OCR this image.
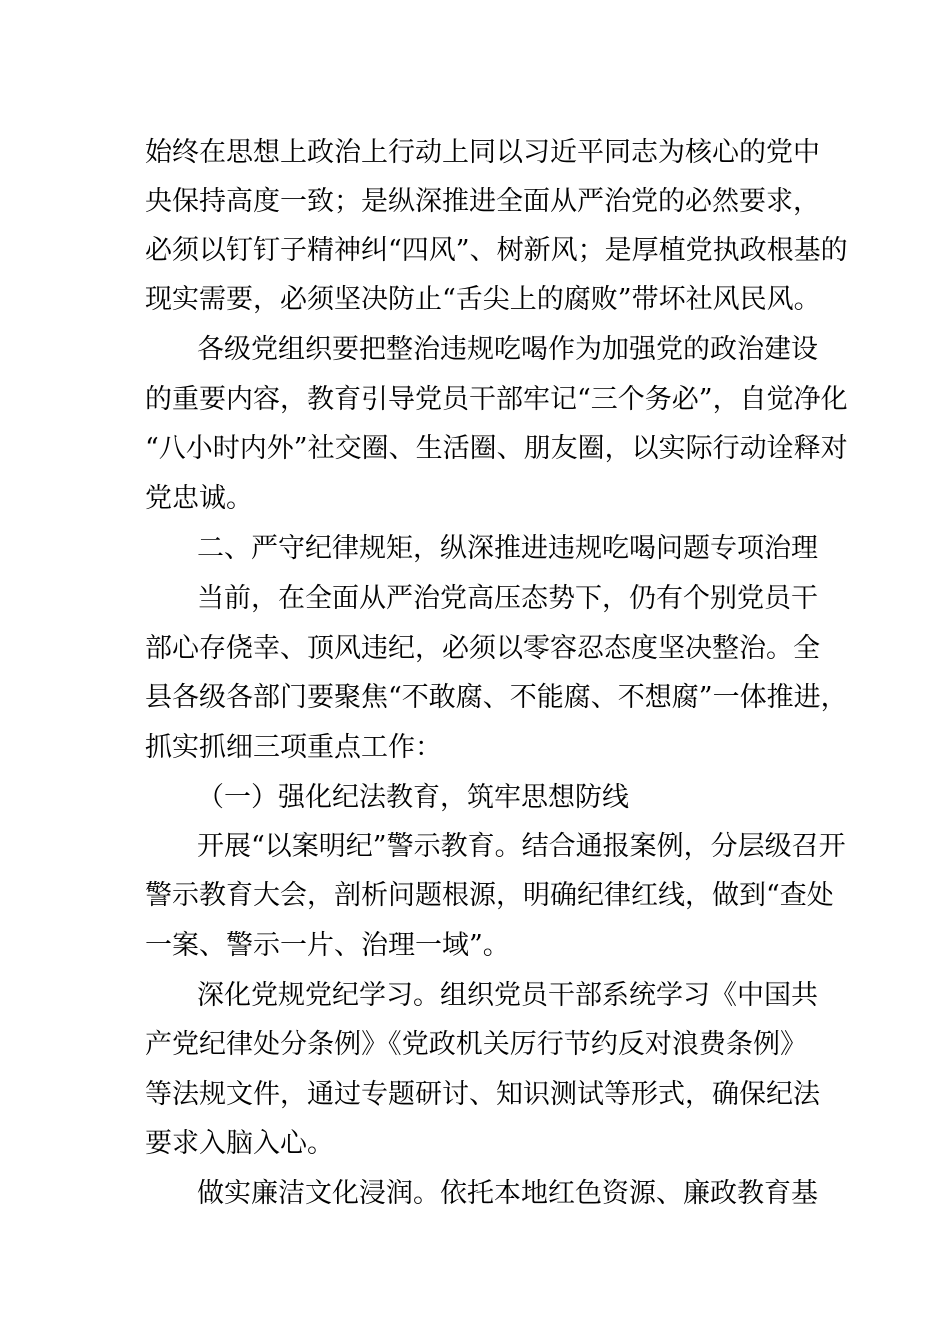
始终在思想上政治上行动上同以习近平同志为核心的党中
央保持高度一致；是纵深推进全面从严治党的必然要求，
必须以钉钉子精神纠“四风”、树新风；是厚植党执政根基的
现实需要，必须坚决防止“舌尖上的腐败”带坏社风民风。
各级党组织要把整治违规吃喝作为加强党的政治建设
的重要内容，教育引导党员干部牢记“三个务必”，自觉净化
“八小时内外”社交圈、生活圈、朋友圈，以实际行动诠释对
党忠诚。
二、严守纪律规矩，纵深推进违规吃喝问题专项治理
当前，在全面从严治党高压态势下，仍有个别党员干
部心存侥幸、顶风违纪，必须以零容忍态度坚决整治。全
县各级各部门要聚焦“不敢腐、不能腐、不想腐”一体推进，
抓实抓细三项重点工作：
（一）强化纪法教育，筑牢思想防线
开展“以案明纪”警示教育。结合通报案例，分层级召开
警示教育大会，剖析问题根源，明确纪律红线，做到“查处
一案、警示一片、治理一域”。
深化党规党纪学习。组织党员干部系统学习《中国共
产党纪律处分条例》《党政机关厉行节约反对浪费条例》
等法规文件，通过专题研讨、知识测试等形式，确保纪法
要求入脑入心。
做实廉洁文化浸润。依托本地红色资源、廉政教育基
